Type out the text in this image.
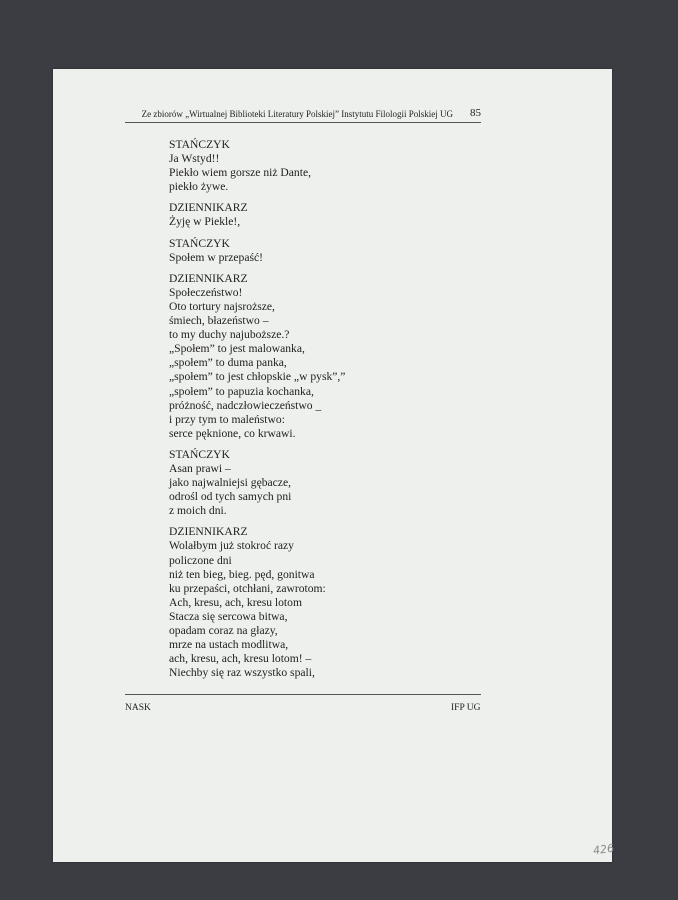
Ze zbiorów „Wirtualnej Biblioteki Literatury Polskiej” Instytutu Filologii Polskiej UG 85
STAŃCZYK
Ja Wstyd!!
Piekło wiem gorsze niż Dante,
piekło żywe.
DZIENNIKARZ
Żyję w Piekle!,
STAŃCZYK
Społem w przepaść!
DZIENNIKARZ
Społeczeństwo!
Oto tortury najsroższe,
śmiech, błazeństwo –
to my duchy najuboższe.?
„Społem” to jest malowanka,
„społem” to duma panka,
„społem” to jest chłopskie „w pysk”,”
„społem” to papuzia kochanka,
próżność, nadczłowieczeństwo _
i przy tym to maleństwo:
serce pęknione, co krwawi.
STAŃCZYK
Asan prawi –
jako najwalniejsi gębacze,
odrośl od tych samych pni
z moich dni.
DZIENNIKARZ
Wolałbym już stokroć razy
policzone dni
niż ten bieg, bieg. pęd, gonitwa
ku przepaści, otchłani, zawrotom:
Ach, kresu, ach, kresu lotom
Stacza się sercowa bitwa,
opadam coraz na głazy,
mrze na ustach modlitwa,
ach, kresu, ach, kresu lotom! –
Niechby się raz wszystko spali,
NASK	IFP UG
426
